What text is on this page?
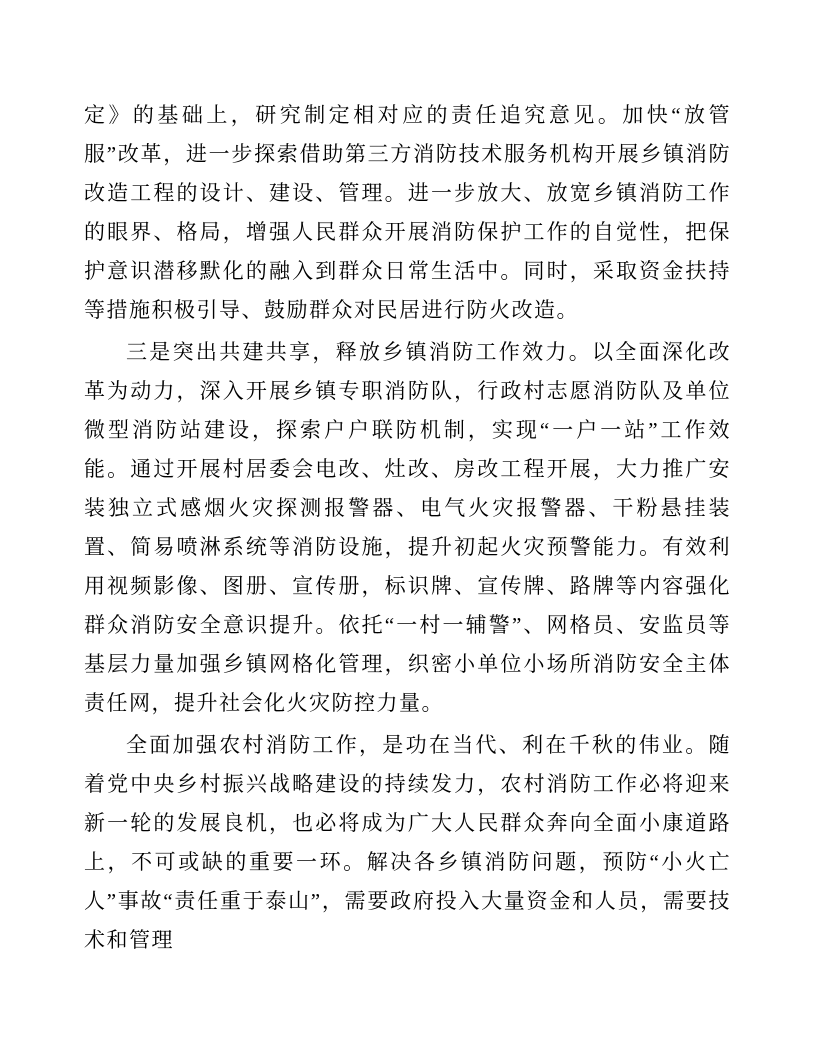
定》的基础上，研究制定相对应的责任追究意见。加快“放管服”改革，进一步探索借助第三方消防技术服务机构开展乡镇消防改造工程的设计、建设、管理。进一步放大、放宽乡镇消防工作的眼界、格局，增强人民群众开展消防保护工作的自觉性，把保护意识潜移默化的融入到群众日常生活中。同时，采取资金扶持等措施积极引导、鼓励群众对民居进行防火改造。

三是突出共建共享，释放乡镇消防工作效力。以全面深化改革为动力，深入开展乡镇专职消防队，行政村志愿消防队及单位微型消防站建设，探索户户联防机制，实现“一户一站”工作效能。通过开展村居委会电改、灶改、房改工程开展，大力推广安装独立式感烟火灾探测报警器、电气火灾报警器、干粉悬挂装置、简易喷淋系统等消防设施，提升初起火灾预警能力。有效利用视频影像、图册、宣传册，标识牌、宣传牌、路牌等内容强化群众消防安全意识提升。依托“一村一辅警”、网格员、安监员等基层力量加强乡镇网格化管理，织密小单位小场所消防安全主体责任网，提升社会化火灾防控力量。

全面加强农村消防工作，是功在当代、利在千秋的伟业。随着党中央乡村振兴战略建设的持续发力，农村消防工作必将迎来新一轮的发展良机，也必将成为广大人民群众奔向全面小康道路上，不可或缺的重要一环。解决各乡镇消防问题，预防“小火亡人”事故“责任重于泰山”，需要政府投入大量资金和人员，需要技术和管理
